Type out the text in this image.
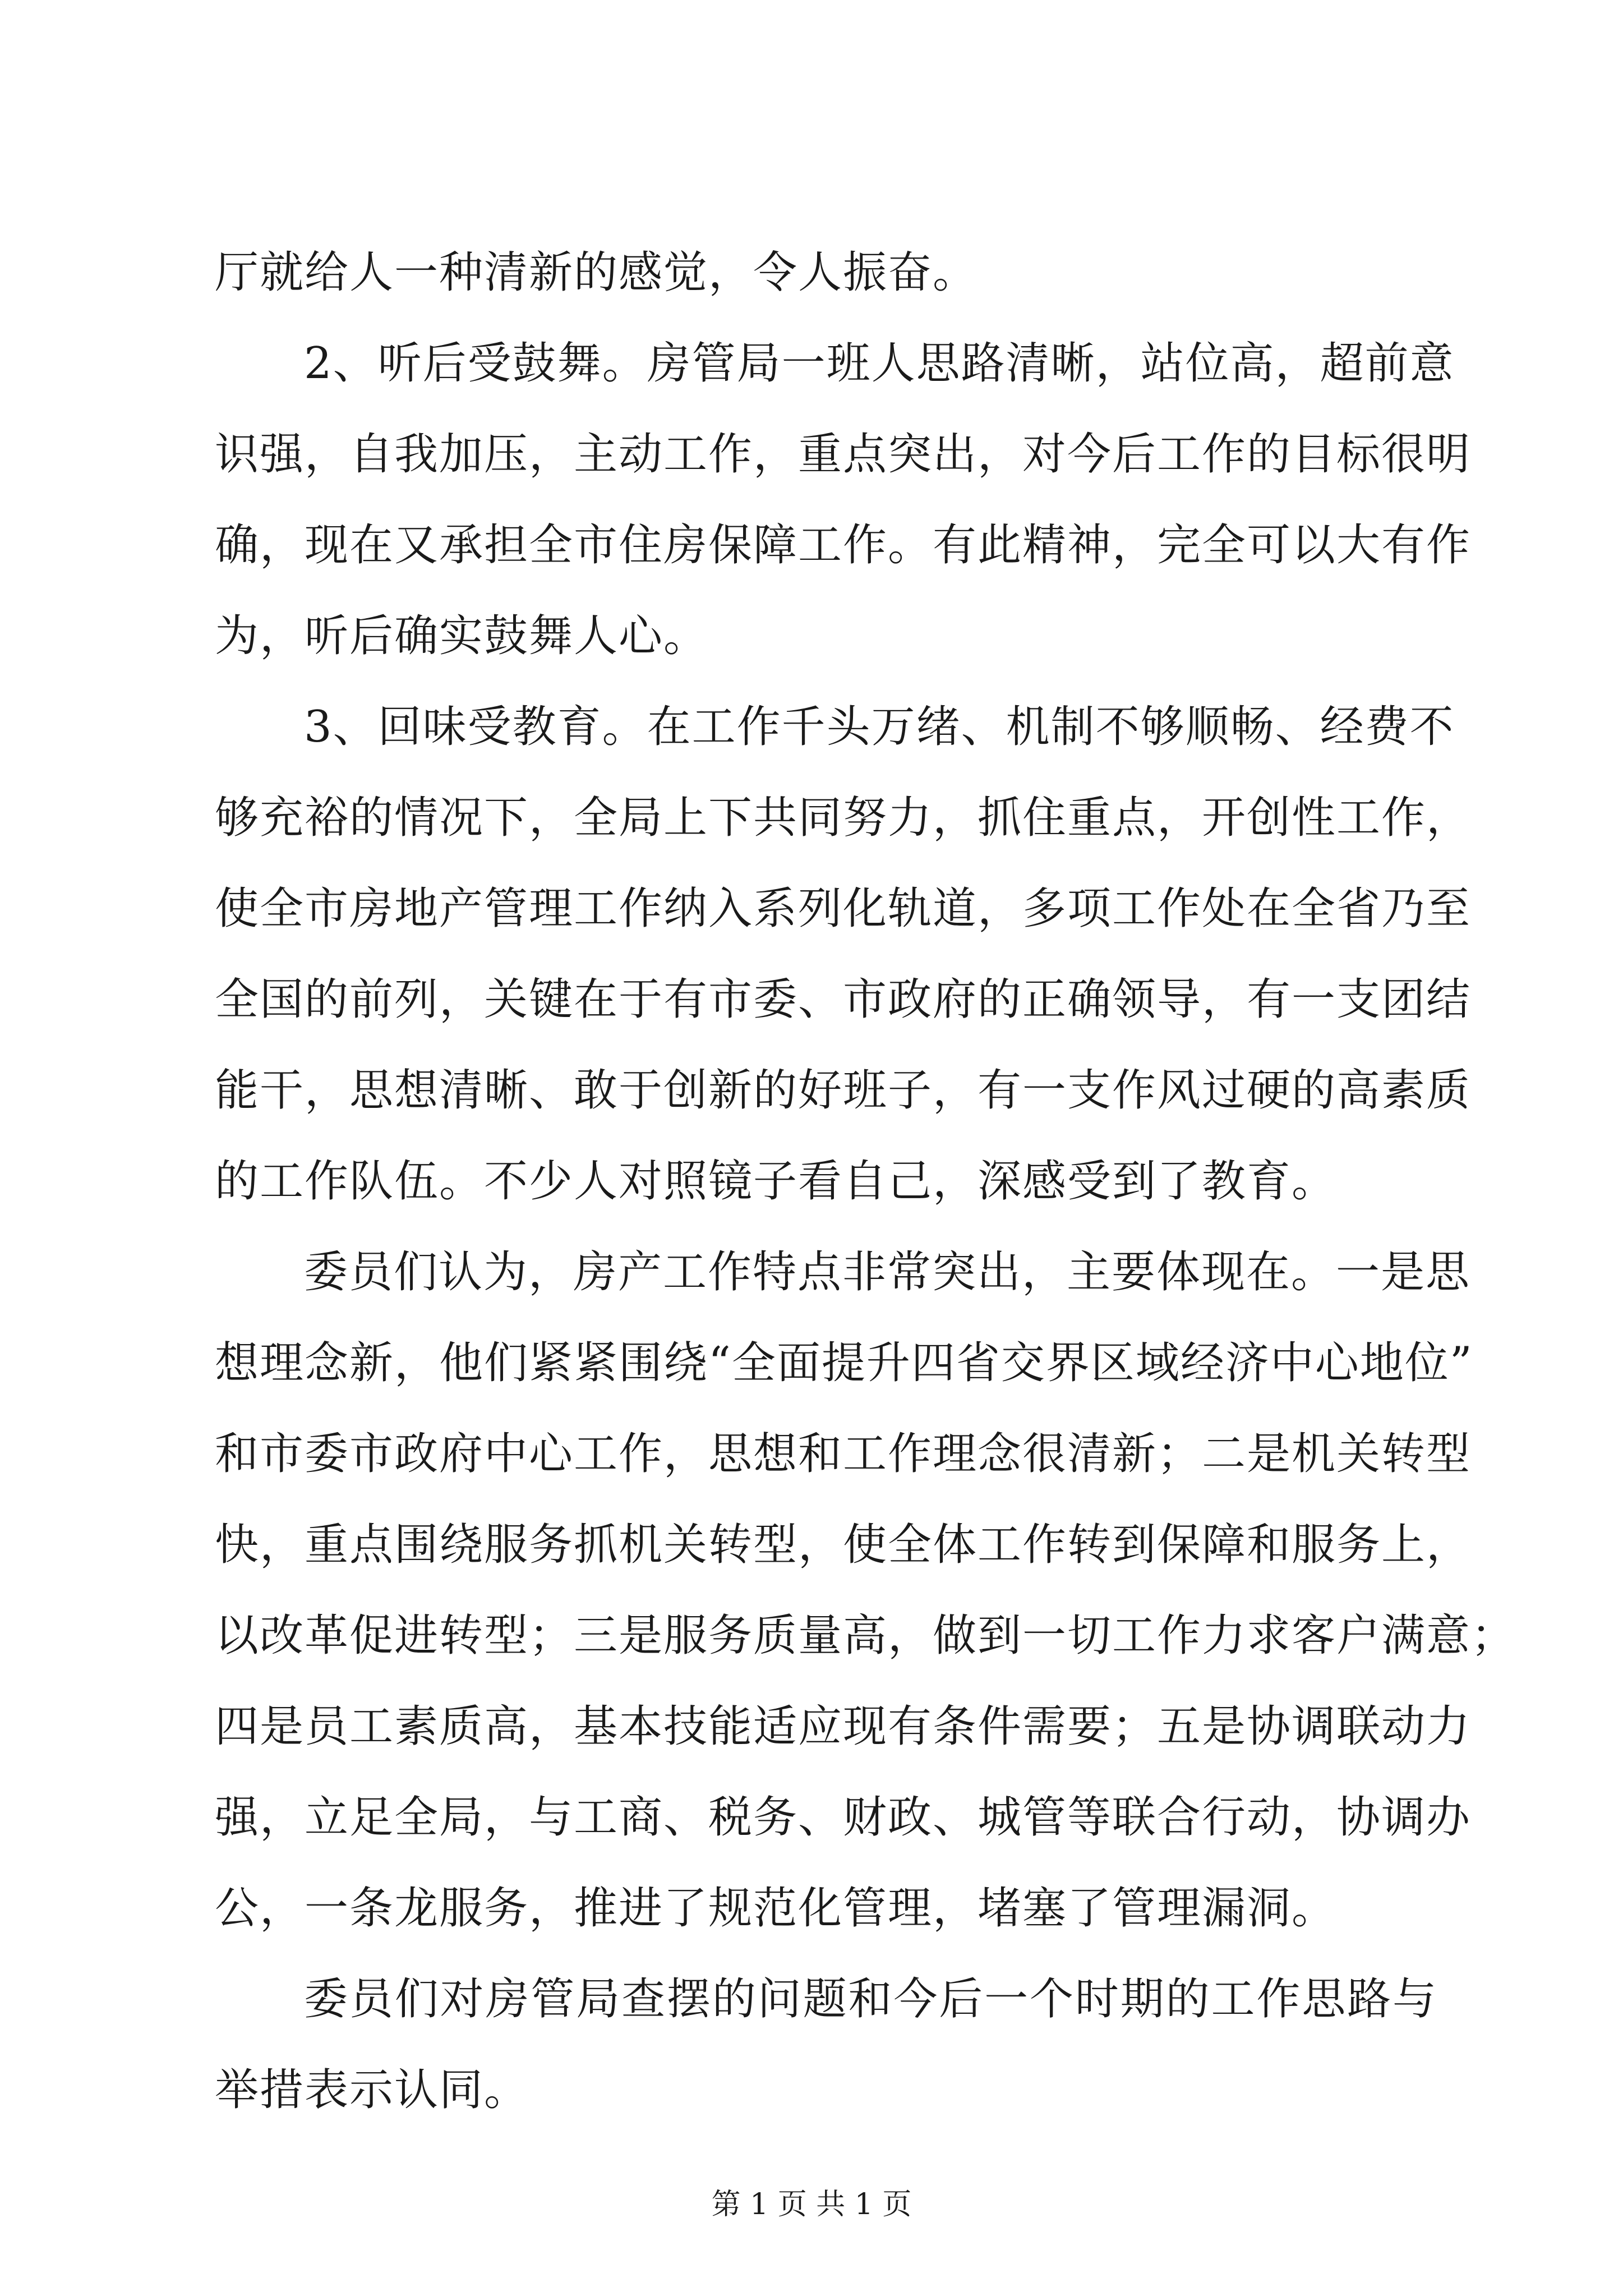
厅就给人一种清新的感觉，令人振奋。
2、听后受鼓舞。房管局一班人思路清晰，站位高，超前意
识强，自我加压，主动工作，重点突出，对今后工作的目标很明
确，现在又承担全市住房保障工作。有此精神，完全可以大有作
为，听后确实鼓舞人心。
3、回味受教育。在工作千头万绪、机制不够顺畅、经费不
够充裕的情况下，全局上下共同努力，抓住重点，开创性工作，
使全市房地产管理工作纳入系列化轨道，多项工作处在全省乃至
全国的前列，关键在于有市委、市政府的正确领导，有一支团结
能干，思想清晰、敢于创新的好班子，有一支作风过硬的高素质
的工作队伍。不少人对照镜子看自己，深感受到了教育。
委员们认为，房产工作特点非常突出，主要体现在。一是思
想理念新，他们紧紧围绕“全面提升四省交界区域经济中心地位”
和市委市政府中心工作，思想和工作理念很清新；二是机关转型
快，重点围绕服务抓机关转型，使全体工作转到保障和服务上，
以改革促进转型；三是服务质量高，做到一切工作力求客户满意；
四是员工素质高，基本技能适应现有条件需要；五是协调联动力
强，立足全局，与工商、税务、财政、城管等联合行动，协调办
公，一条龙服务，推进了规范化管理，堵塞了管理漏洞。
委员们对房管局查摆的问题和今后一个时期的工作思路与
举措表示认同。
第 1 页 共 1 页
